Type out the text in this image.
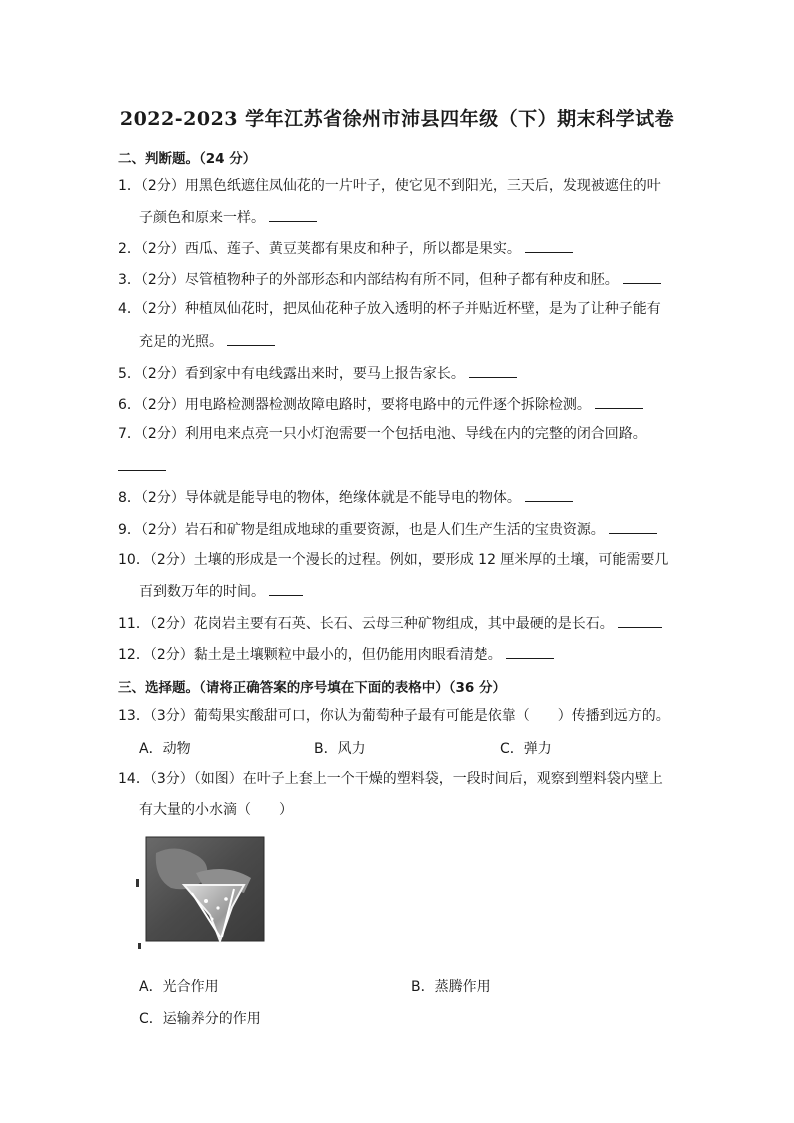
2022-2023 学年江苏省徐州市沛县四年级（下）期末科学试卷
二、判断题。（24 分）
1．（2分）用黑色纸遮住凤仙花的一片叶子，使它见不到阳光，三天后，发现被遮住的叶
子颜色和原来一样。
2．（2分）西瓜、莲子、黄豆荚都有果皮和种子，所以都是果实。
3．（2分）尽管植物种子的外部形态和内部结构有所不同，但种子都有种皮和胚。
4．（2分）种植凤仙花时，把凤仙花种子放入透明的杯子并贴近杯壁，是为了让种子能有
充足的光照。
5．（2分）看到家中有电线露出来时，要马上报告家长。
6．（2分）用电路检测器检测故障电路时，要将电路中的元件逐个拆除检测。
7．（2分）利用电来点亮一只小灯泡需要一个包括电池、导线在内的完整的闭合回路。
8．（2分）导体就是能导电的物体，绝缘体就是不能导电的物体。
9．（2分）岩石和矿物是组成地球的重要资源，也是人们生产生活的宝贵资源。
10．（2分）土壤的形成是一个漫长的过程。例如，要形成 12 厘米厚的土壤，可能需要几
百到数万年的时间。
11．（2分）花岗岩主要有石英、长石、云母三种矿物组成，其中最硬的是长石。
12．（2分）黏土是土壤颗粒中最小的，但仍能用肉眼看清楚。
三、选择题。（请将正确答案的序号填在下面的表格中）（36 分）
13．（3分）葡萄果实酸甜可口，你认为葡萄种子最有可能是依靠（　　）传播到远方的。
A．动物	B．风力	C．弹力
14．（3分）（如图）在叶子上套上一个干燥的塑料袋，一段时间后，观察到塑料袋内壁上
有大量的小水滴（　　）
A．光合作用	B．蒸腾作用
C．运输养分的作用
